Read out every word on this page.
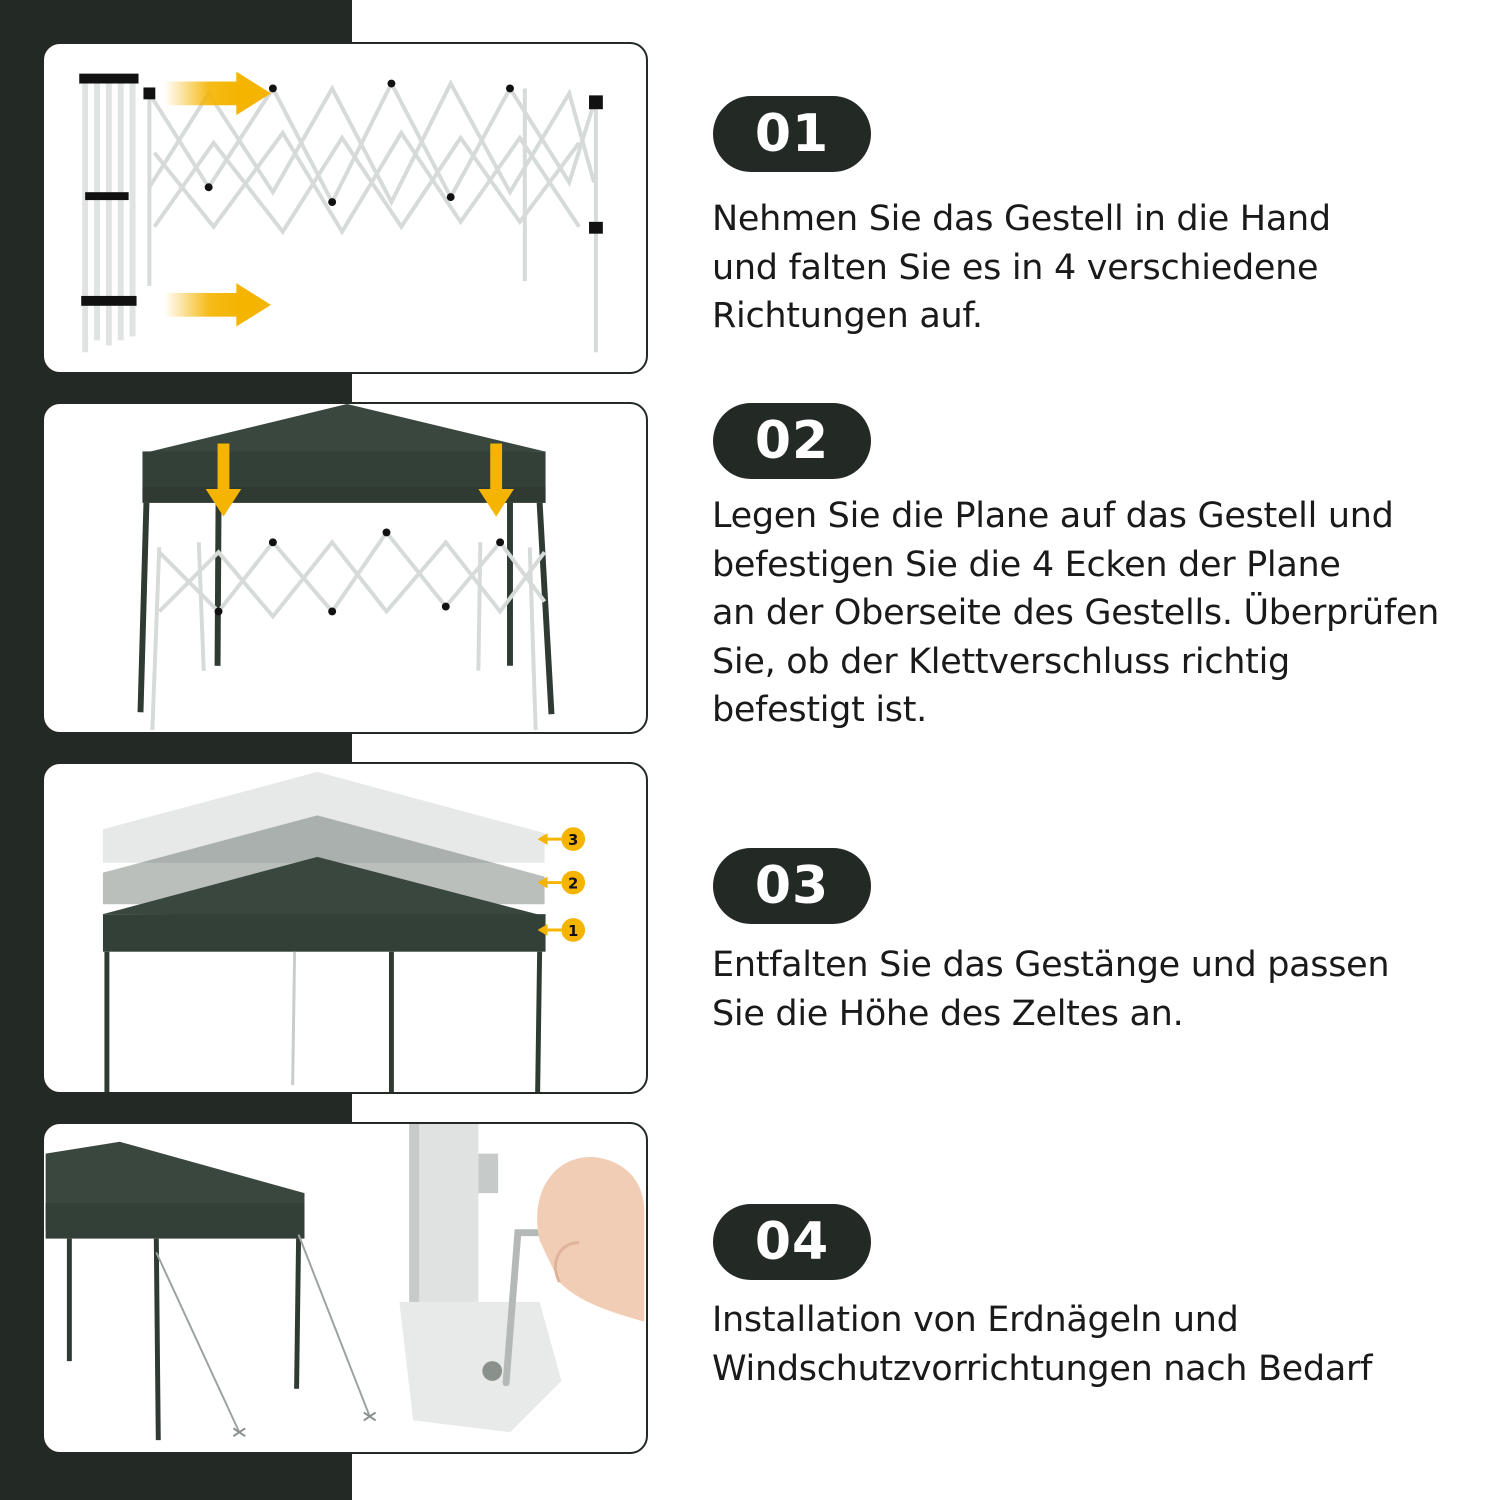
3
2
1
01
Nehmen Sie das Gestell in die Hand
und falten Sie es in 4 verschiedene
Richtungen auf.
02
Legen Sie die Plane auf das Gestell und
befestigen Sie die 4 Ecken der Plane
an der Oberseite des Gestells. Überprüfen
Sie, ob der Klettverschluss richtig
befestigt ist.
03
Entfalten Sie das Gestänge und passen
Sie die Höhe des Zeltes an.
04
Installation von Erdnägeln und
Windschutzvorrichtungen nach Bedarf
